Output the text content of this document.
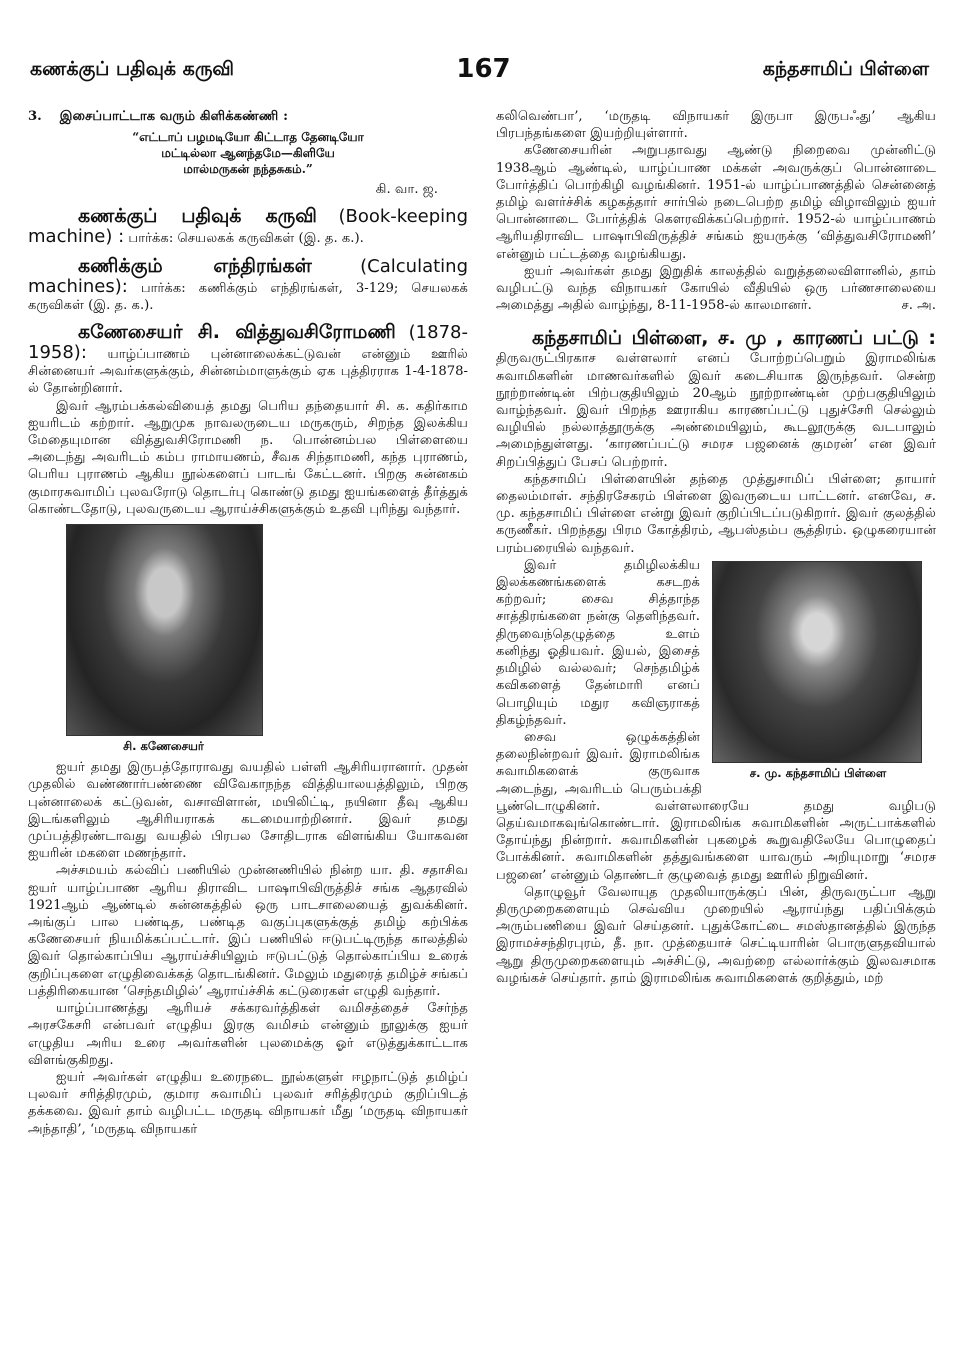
கணக்குப் பதிவுக் கருவி	167	கந்தசாமிப் பிள்ளை

3. இசைப்பாட்டாக வரும் கிளிக்கண்ணி :

“எட்டாப் பழமடியோ கிட்டாத தேனடியோ
மட்டில்லா ஆனந்தமே—கிளியே
மால்மருகன் நந்தசுகம்.”

கி. வா. ஜ.

கணக்குப் பதிவுக் கருவி (Book-keeping machine) : பார்க்க: செயலகக் கருவிகள் (இ. த. க.).

கணிக்கும் எந்திரங்கள்	(Calculating machines): பார்க்க: கணிக்கும் எந்திரங்கள், 3-129; செயலகக் கருவிகள் (இ. த. க.).

கணேசையர் சி. வித்துவசிரோமணி (1878-1958): யாழ்ப்பாணம் புன்னாலைக்கட்டுவன் என்னும் ஊரில் சின்னையர் அவர்களுக்கும், சின்னம்மாளுக்கும் ஏக புத்திரராக 1-4-1878-ல் தோன்றினார்.

இவர் ஆரம்பக்கல்வியைத் தமது பெரிய தந்தையார் சி. க. கதிர்காம ஐயரிடம் கற்றார். ஆறுமுக நாவலருடைய மருகரும், சிறந்த இலக்கிய மேதையுமான வித்துவசிரோமணி ந. பொன்னம்பல பிள்ளையை அடைந்து அவரிடம் கம்ப ராமாயணம், சீவக சிந்தாமணி, கந்த புராணம், பெரிய புராணம் ஆகிய நூல்களைப் பாடங் கேட்டனர். பிறகு சுன்னகம் குமாரசுவாமிப் புலவரோடு தொடர்பு கொண்டு தமது ஐயங்களைத் தீர்த்துக் கொண்டதோடு, புலவருடைய ஆராய்ச்சிகளுக்கும் உதவி புரிந்து வந்தார்.

சி. கணேசையர்

ஐயர் தமது இருபத்தோராவது வயதில் பள்ளி ஆசிரியரானார். முதன் முதலில் வண்ணார்பண்ணை விவேகாநந்த வித்தியாலயத்திலும், பிறகு புன்னாலைக் கட்டுவன், வசாவிளான், மயிலிட்டி, நயினா தீவு ஆகிய இடங்களிலும் ஆசிரியராகக் கடமையாற்றினார். இவர் தமது முப்பத்திரண்டாவது வயதில் பிரபல சோதிடராக விளங்கிய யோகவன ஐயரின் மகளை மணந்தார்.

அச்சமயம் கல்விப் பணியில் முன்னணியில் நின்ற யா. தி. சதாசிவ ஐயர் யாழ்ப்பாண ஆரிய திராவிட பாஷாபிவிருத்திச் சங்க ஆதரவில் 1921ஆம் ஆண்டில் சுன்னகத்தில் ஒரு பாடசாலையைத் துவக்கினர். அங்குப் பால பண்டித, பண்டித வகுப்புகளுக்குத் தமிழ் கற்பிக்க கணேசையர் நியமிக்கப்பட்டார். இப் பணியில் ஈடுபட்டிருந்த காலத்தில் இவர் தொல்காப்பிய ஆராய்ச்சியிலும் ஈடுபட்டுத் தொல்காப்பிய உரைக் குறிப்புகளை எழுதிவைக்கத் தொடங்கினர். மேலும் மதுரைத் தமிழ்ச் சங்கப் பத்திரிகையான ‘செந்தமிழில்’ ஆராய்ச்சிக் கட்டுரைகள் எழுதி வந்தார்.

யாழ்ப்பாணத்து ஆரியச் சக்கரவர்த்திகள் வமிசத்தைச் சேர்ந்த அரசகேசரி என்பவர் எழுதிய இரகு வமிசம் என்னும் நூலுக்கு ஐயர் எழுதிய அரிய உரை அவர்களின் புலமைக்கு ஓர் எடுத்துக்காட்டாக விளங்குகிறது.

ஐயர் அவர்கள் எழுதிய உரைநடை நூல்களுள் ஈழநாட்டுத் தமிழ்ப் புலவர் சரித்திரமும், குமார சுவாமிப் புலவர் சரித்திரமும் குறிப்பிடத் தக்கவை. இவர் தாம் வழிபட்ட மருதடி விநாயகர் மீது ‘மருதடி விநாயகர் அந்தாதி’, ‘மருதடி விநாயகர்

கலிவெண்பா’, ‘மருதடி விநாயகர் இருபா இருபஃது’ ஆகிய பிரபந்தங்களை இயற்றியுள்ளார்.

கணேசையரின் அறுபதாவது ஆண்டு நிறைவை முன்னிட்டு 1938ஆம் ஆண்டில், யாழ்ப்பாண மக்கள் அவருக்குப் பொன்னாடை போர்த்திப் பொற்கிழி வழங்கினர். 1951-ல் யாழ்ப்பாணத்தில் சென்னைத் தமிழ் வளர்ச்சிக் கழகத்தார் சார்பில் நடைபெற்ற தமிழ் விழாவிலும் ஐயர் பொன்னாடை போர்த்திக் கௌரவிக்கப்பெற்றார். 1952-ல் யாழ்ப்பாணம் ஆரியதிராவிட பாஷாபிவிருத்திச் சங்கம் ஐயருக்கு ‘வித்துவசிரோமணி’ என்னும் பட்டத்தை வழங்கியது.

ஐயர் அவர்கள் தமது இறுதிக் காலத்தில் வறுத்தலைவிளானில், தாம் வழிபட்டு வந்த விநாயகர் கோயில் வீதியில் ஒரு பர்ணசாலையை அமைத்து அதில் வாழ்ந்து, 8-11-1958-ல் காலமானர்.	ச. அ.

கந்தசாமிப் பிள்ளை, ச. மு , காரணப் பட்டு : திருவருட்பிரகாச வள்ளலார் எனப் போற்றப்பெறும் இராமலிங்க சுவாமிகளின் மாணவர்களில் இவர் கடைசியாக இருந்தவர். சென்ற நூற்றாண்டின் பிற்பகுதியிலும் 20ஆம் நூற்றாண்டின் முற்பகுதியிலும் வாழ்ந்தவர். இவர் பிறந்த ஊராகிய காரணப்பட்டு புதுச்சேரி செல்லும் வழியில் நல்லாத்தூருக்கு அண்மையிலும், கூடலூருக்கு வடபாலும் அமைந்துள்ளது. ‘காரணப்பட்டு சமரச பஜனைக் குமரன்’ என இவர் சிறப்பித்துப் பேசப் பெற்றார்.

கந்தசாமிப் பிள்ளையின் தந்தை முத்துசாமிப் பிள்ளை; தாயார் தைலம்மாள். சந்திரசேகரம் பிள்ளை இவருடைய பாட்டனர். எனவே, ச. மு. கந்தசாமிப் பிள்ளை என்று இவர் குறிப்பிடப்படுகிறார். இவர் குலத்தில் கருணீகர். பிறந்தது பிரம கோத்திரம், ஆபஸ்தம்ப சூத்திரம். ஒழுகரையான் பரம்பரையில் வந்தவர்.

ச. மு. கந்தசாமிப் பிள்ளை

இவர் தமிழிலக்கிய இலக்கணங்களைக் கசடறக் கற்றவர்; சைவ சித்தாந்த சாத்திரங்களை நன்கு தெளிந்தவர். திருவைந்தெழுத்தை உளம் கனிந்து ஓதியவர். இயல், இசைத் தமிழில் வல்லவர்; செந்தமிழ்க் கவிகளைத் தேன்மாரி எனப் பொழியும் மதுர கவிஞராகத் திகழ்ந்தவர்.

சைவ ஒழுக்கத்தின் தலைநின்றவர் இவர். இராமலிங்க சுவாமிகளைக் குருவாக அடைந்து, அவரிடம் பெரும்பக்தி பூண்டொழுகினர். வள்ளலாரையே தமது வழிபடு தெய்வமாகவுங்கொண்டார். இராமலிங்க சுவாமிகளின் அருட்பாக்களில் தோய்ந்து நின்றார். சுவாமிகளின் புகழைக் கூறுவதிலேயே பொழுதைப் போக்கினர். சுவாமிகளின் தத்துவங்களை யாவரும் அறியுமாறு ‘சமரச பஜனை’ என்னும் தொண்டர் குழுவைத் தமது ஊரில் நிறுவினர்.

தொழுவூர் வேலாயுத முதலியாருக்குப் பின், திருவருட்பா ஆறு திருமுறைகளையும் செவ்விய முறையில் ஆராய்ந்து பதிப்பிக்கும் அரும்பணியை இவர் செய்தனர். புதுக்கோட்டை சமஸ்தானத்தில் இருந்த இராமச்சந்திரபுரம், தீ. நா. முத்தையாச் செட்டியாரின் பொருளுதவியால் ஆறு திருமுறைகளையும் அச்சிட்டு, அவற்றை எல்லார்க்கும் இலவசமாக வழங்கச் செய்தார். தாம் இராமலிங்க சுவாமிகளைக் குறித்தும், மற்
